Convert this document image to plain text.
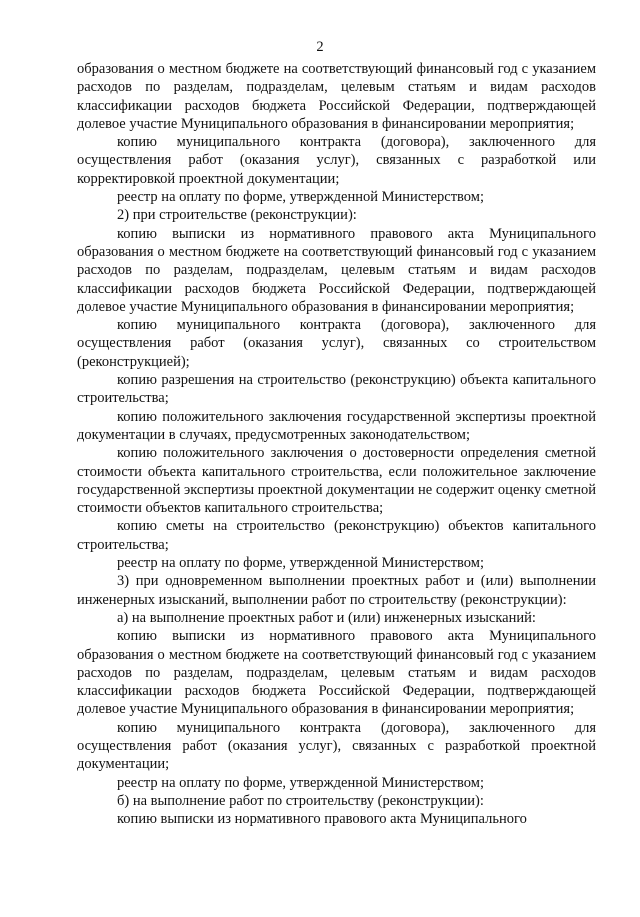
2

образования о местном бюджете на соответствующий финансовый год с указанием расходов по разделам, подразделам, целевым статьям и видам расходов классификации расходов бюджета Российской Федерации, подтверждающей долевое участие Муниципального образования в финансировании мероприятия;

копию муниципального контракта (договора), заключенного для осуществления работ (оказания услуг), связанных с разработкой или корректировкой проектной документации;

реестр на оплату по форме, утвержденной Министерством;

2) при строительстве (реконструкции):

копию выписки из нормативного правового акта Муниципального образования о местном бюджете на соответствующий финансовый год с указанием расходов по разделам, подразделам, целевым статьям и видам расходов классификации расходов бюджета Российской Федерации, подтверждающей долевое участие Муниципального образования в финансировании мероприятия;

копию муниципального контракта (договора), заключенного для осуществления работ (оказания услуг), связанных со строительством (реконструкцией);

копию разрешения на строительство (реконструкцию) объекта капитального строительства;

копию положительного заключения государственной экспертизы проектной документации в случаях, предусмотренных законодательством;

копию положительного заключения о достоверности определения сметной стоимости объекта капитального строительства, если положительное заключение государственной экспертизы проектной документации не содержит оценку сметной стоимости объектов капитального строительства;

копию сметы на строительство (реконструкцию) объектов капитального строительства;

реестр на оплату по форме, утвержденной Министерством;

3) при одновременном выполнении проектных работ и (или) выполнении инженерных изысканий, выполнении работ по строительству (реконструкции):

а) на выполнение проектных работ и (или) инженерных изысканий:

копию выписки из нормативного правового акта Муниципального образования о местном бюджете на соответствующий финансовый год с указанием расходов по разделам, подразделам, целевым статьям и видам расходов классификации расходов бюджета Российской Федерации, подтверждающей долевое участие Муниципального образования в финансировании мероприятия;

копию муниципального контракта (договора), заключенного для осуществления работ (оказания услуг), связанных с разработкой проектной документации;

реестр на оплату по форме, утвержденной Министерством;

б) на выполнение работ по строительству (реконструкции):

копию выписки из нормативного правового акта Муниципального
